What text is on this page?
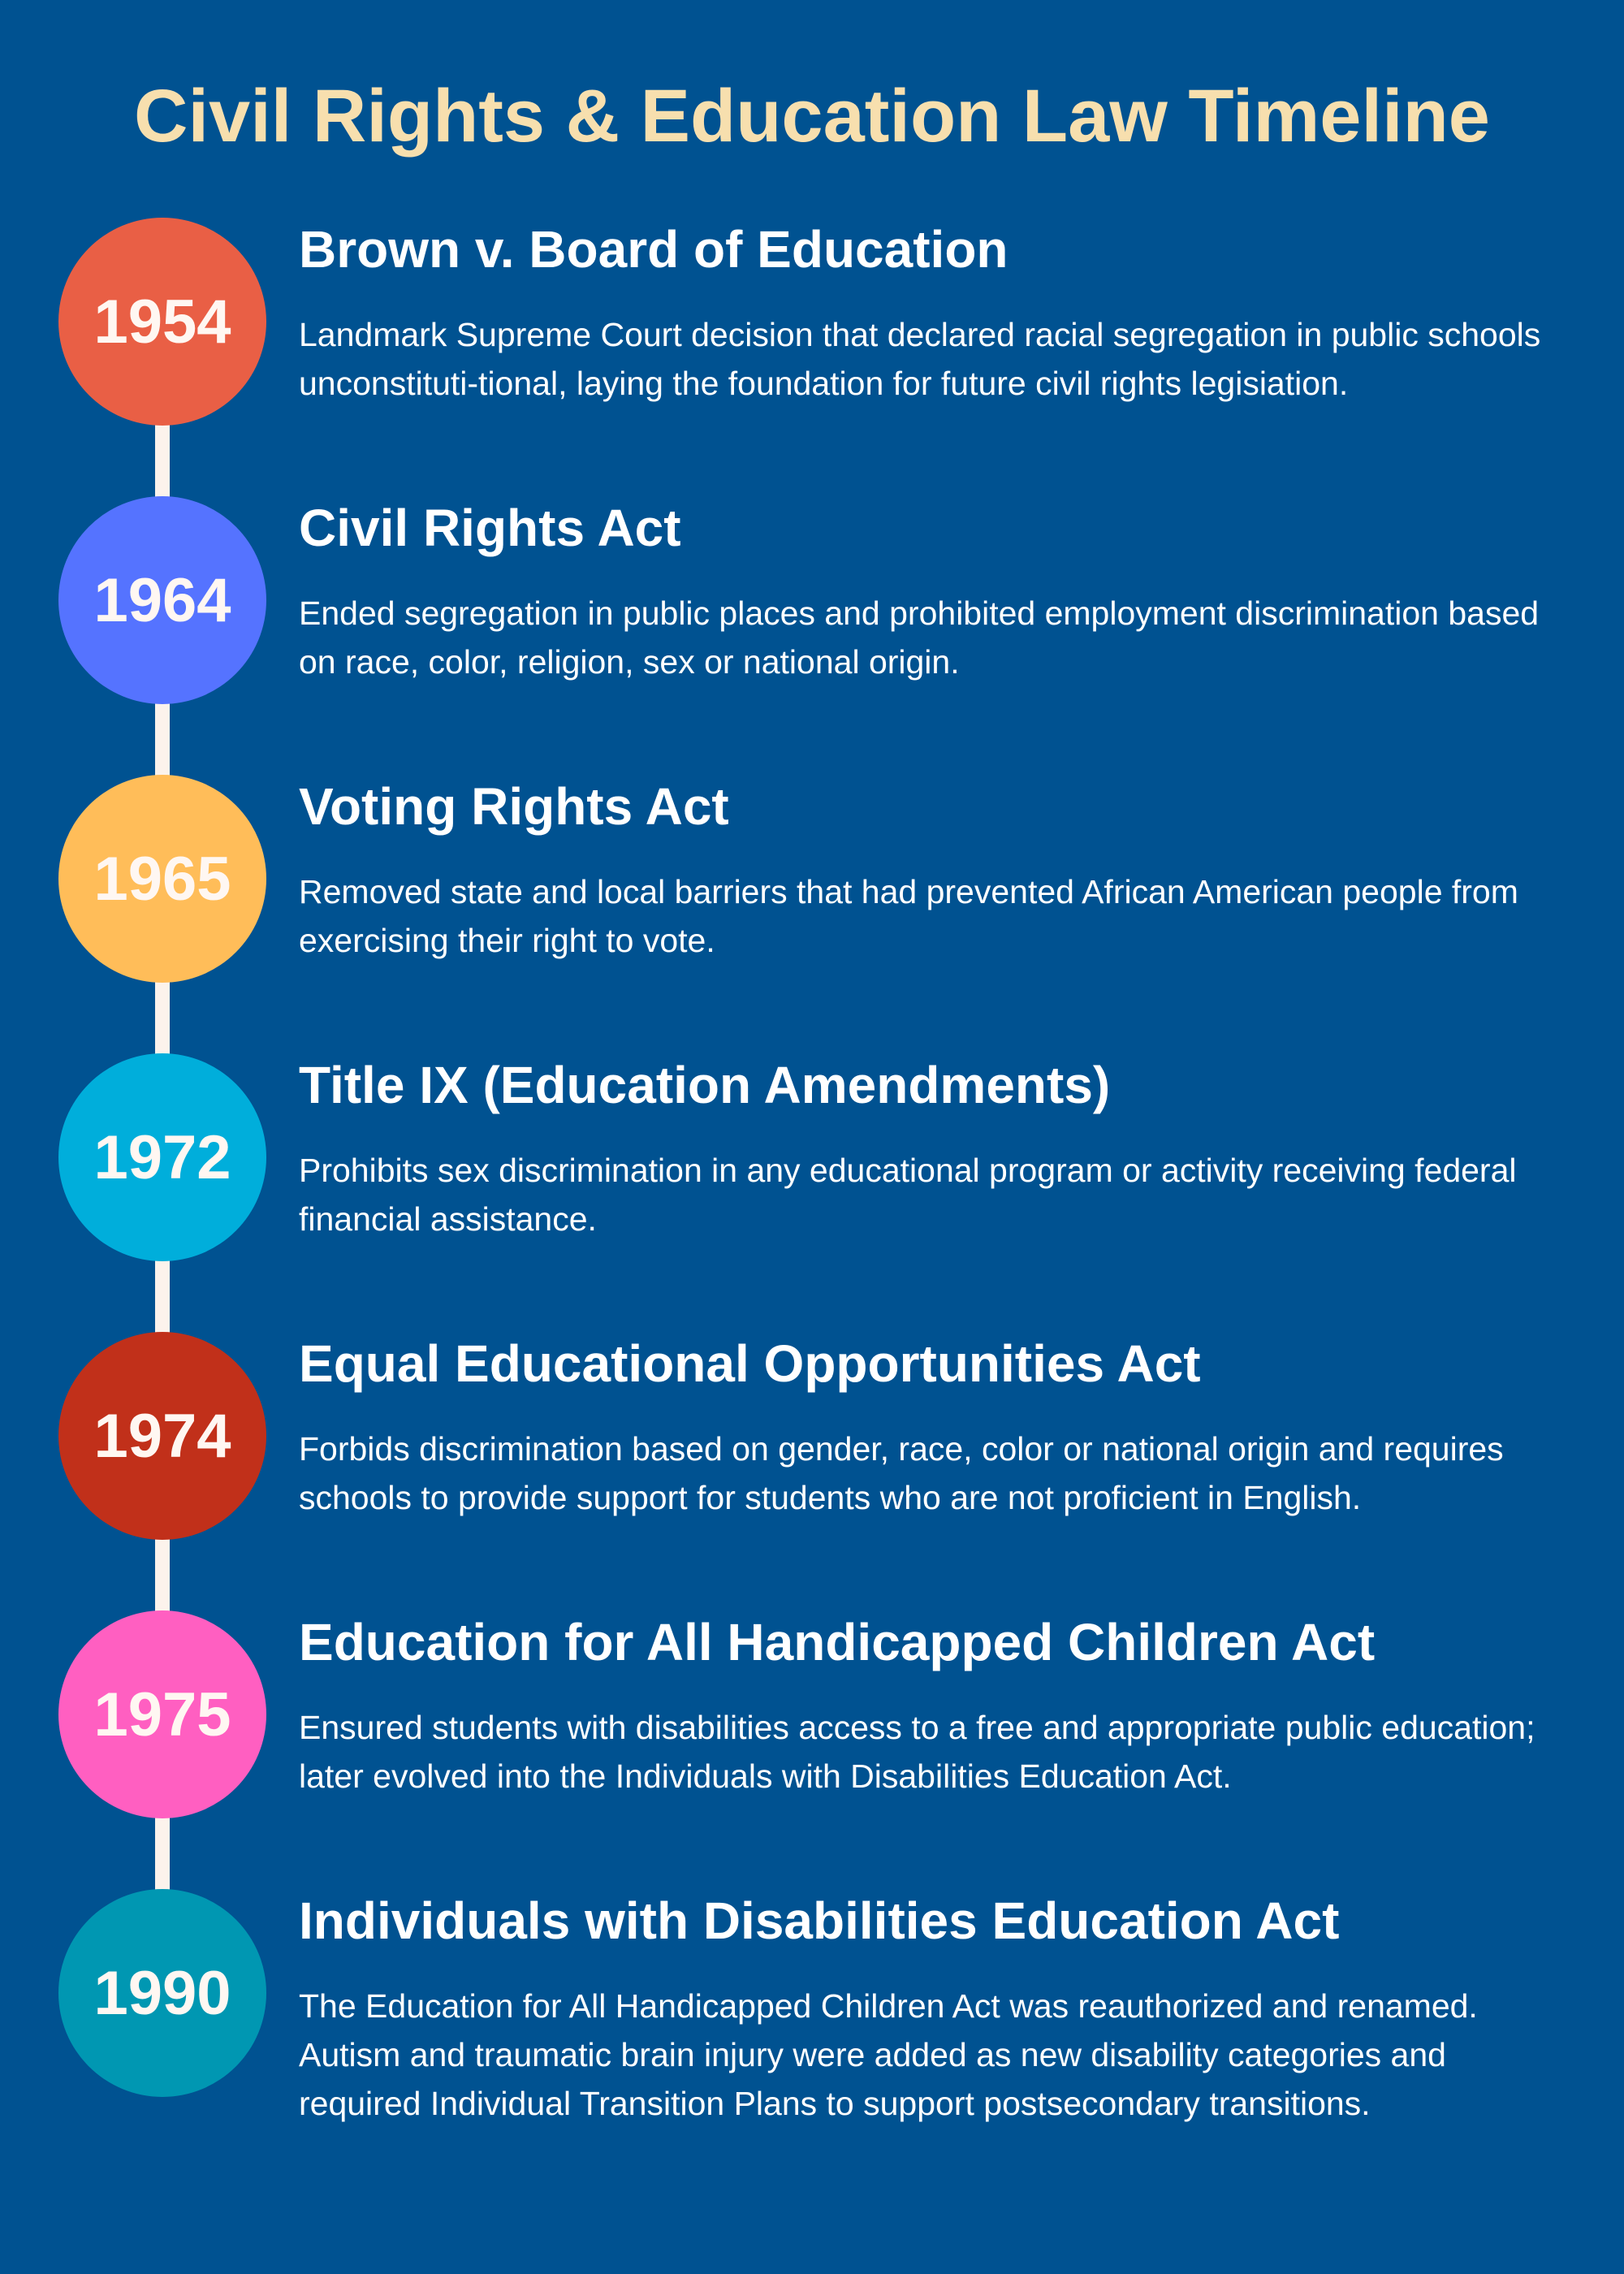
Civil Rights & Education Law Timeline
1954
Brown v. Board of Education

Landmark Supreme Court decision that declared racial segregation in public schools unconstituti-tional, laying the foundation for future civil rights legisiation.

1964
Civil Rights Act

Ended segregation in public places and prohibited employment discrimination based on race, color, religion, sex or national origin.

1965
Voting Rights Act

Removed state and local barriers that had prevented African American people from exercising their right to vote.

1972
Title IX (Education Amendments)

Prohibits sex discrimination in any educational program or activity receiving federal financial assistance.

1974
Equal Educational Opportunities Act

Forbids discrimination based on gender, race, color or national origin and requires schools to provide support for students who are not proficient in English.

1975
Education for All Handicapped Children Act

Ensured students with disabilities access to a free and appropriate public education; later evolved into the Individuals with Disabilities Education Act.

1990
Individuals with Disabilities Education Act

The Education for All Handicapped Children Act was reauthorized and renamed. Autism and traumatic brain injury were added as new disability categories and required Individual Transition Plans to support postsecondary transitions.
